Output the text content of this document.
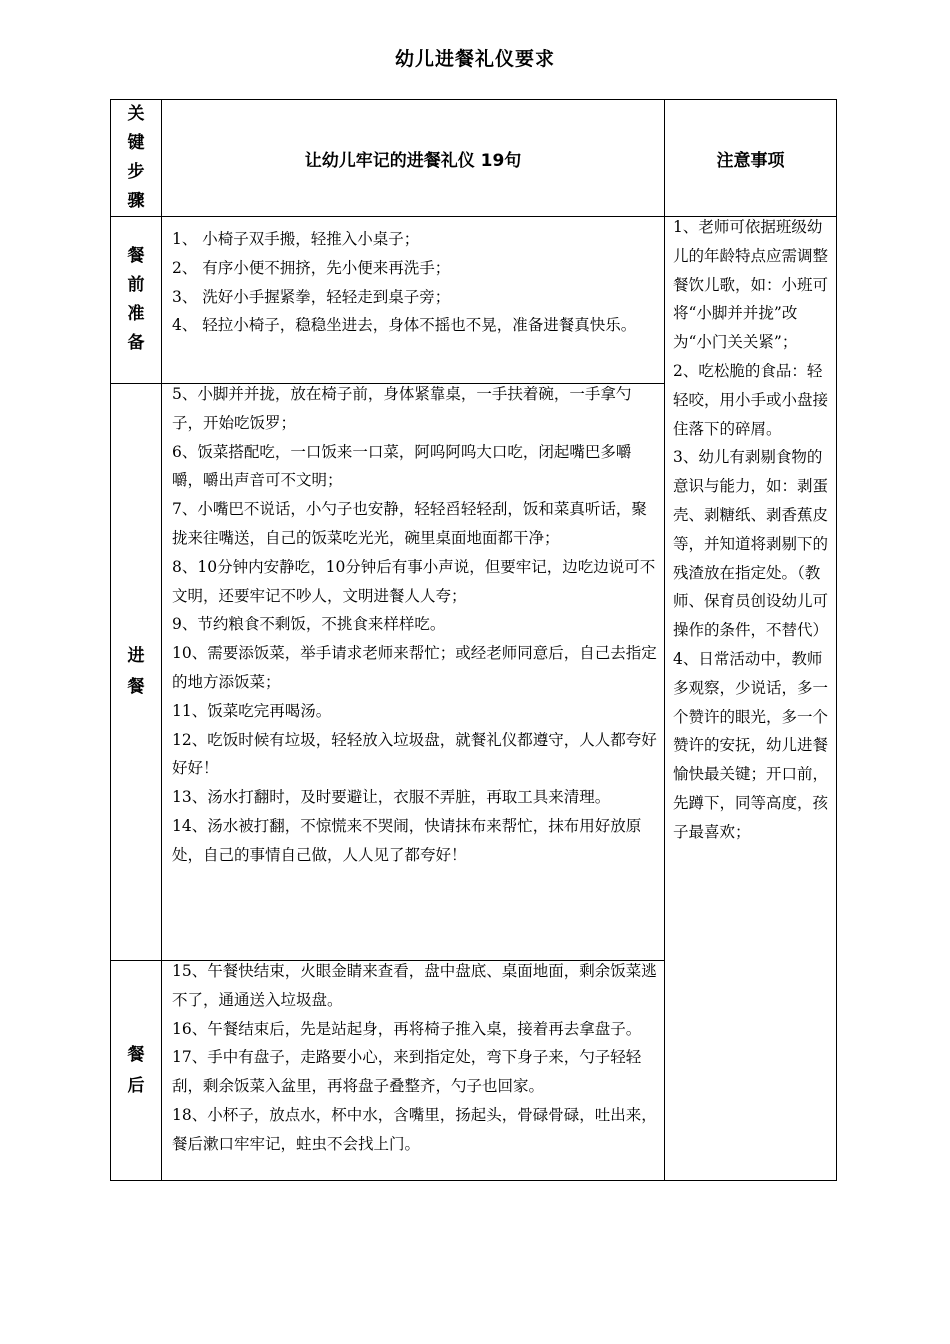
幼儿进餐礼仪要求
关
键
步
骤
让幼儿牢记的进餐礼仪 19句	注意事项
餐
前
准
备

1、 小椅子双手搬，轻推入小桌子；

2、 有序小便不拥挤，先小便来再洗手；

3、 洗好小手握紧拳，轻轻走到桌子旁；

4、 轻拉小椅子，稳稳坐进去，身体不摇也不晃，准备进餐真快乐。

进
餐

5、小脚并并拢，放在椅子前，身体紧靠桌，一手扶着碗，一手拿勺子，开始吃饭罗；

6、饭菜搭配吃，一口饭来一口菜，阿呜阿呜大口吃，闭起嘴巴多嚼嚼，嚼出声音可不文明；

7、小嘴巴不说话，小勺子也安静，轻轻舀轻轻刮，饭和菜真听话，聚拢来往嘴送，自己的饭菜吃光光，碗里桌面地面都干净；

8、10分钟内安静吃，10分钟后有事小声说，但要牢记，边吃边说可不文明，还要牢记不吵人，文明进餐人人夸；

9、节约粮食不剩饭，不挑食来样样吃。

10、需要添饭菜，举手请求老师来帮忙；或经老师同意后，自己去指定的地方添饭菜；

11、饭菜吃完再喝汤。

12、吃饭时候有垃圾，轻轻放入垃圾盘，就餐礼仪都遵守，人人都夸好好好！

13、汤水打翻时，及时要避让，衣服不弄脏，再取工具来清理。

14、汤水被打翻，不惊慌来不哭闹，快请抹布来帮忙，抹布用好放原处，自己的事情自己做，人人见了都夸好！

餐
后

15、午餐快结束，火眼金睛来查看，盘中盘底、桌面地面，剩余饭菜逃不了，通通送入垃圾盘。

16、午餐结束后，先是站起身，再将椅子推入桌，接着再去拿盘子。

17、手中有盘子，走路要小心，来到指定处，弯下身子来，勺子轻轻刮，剩余饭菜入盆里，再将盘子叠整齐，勺子也回家。

18、小杯子，放点水，杯中水，含嘴里，扬起头，骨碌骨碌，吐出来，餐后漱口牢牢记，蛀虫不会找上门。

1、老师可依据班级幼儿的年龄特点应需调整餐饮儿歌，如：小班可将“小脚并并拢”改为“小门关关紧”；

2、吃松脆的食品：轻轻咬，用小手或小盘接住落下的碎屑。

3、幼儿有剥剔食物的意识与能力，如：剥蛋壳、剥糖纸、剥香蕉皮等，并知道将剥剔下的残渣放在指定处。（教师、保育员创设幼儿可操作的条件，不替代）

4、日常活动中，教师多观察，少说话，多一个赞许的眼光，多一个赞许的安抚，幼儿进餐愉快最关键；开口前，先蹲下，同等高度，孩子最喜欢；
